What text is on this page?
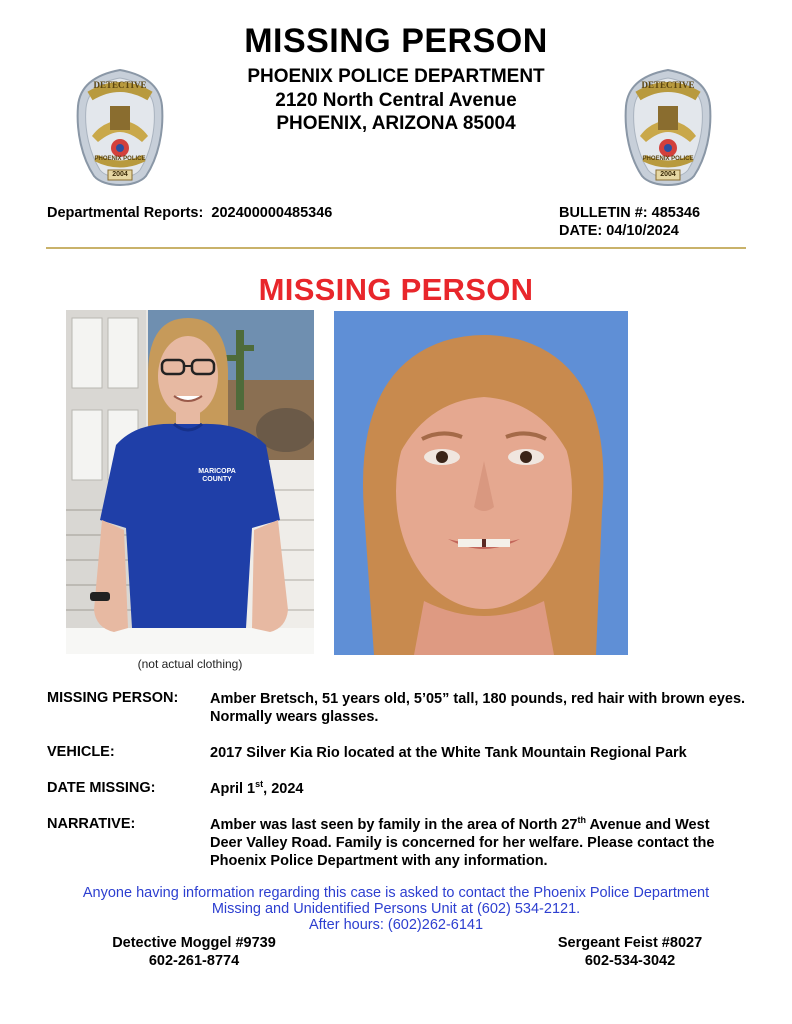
MISSING PERSON
PHOENIX POLICE DEPARTMENT
2120 North Central Avenue
PHOENIX, ARIZONA 85004
DETECTIVE
PHOENIX POLICE
2004
DETECTIVE
PHOENIX POLICE
2004
Departmental Reports: 202400000485346	BULLETIN #: 485346
DATE: 04/10/2024
MISSING PERSON
MARICOPA COUNTY
(not actual clothing)
MISSING PERSON: Amber Bretsch, 51 years old, 5’05” tall, 180 pounds, red hair with brown eyes. Normally wears glasses.
VEHICLE:	2017 Silver Kia Rio located at the White Tank Mountain Regional Park
DATE MISSING:	April 1st, 2024
NARRATIVE:	Amber was last seen by family in the area of North 27th Avenue and West Deer Valley Road. Family is concerned for her welfare. Please contact the Phoenix Police Department with any information.
Anyone having information regarding this case is asked to contact the Phoenix Police Department
Missing and Unidentified Persons Unit at (602) 534-2121.
After hours: (602)262-6141
Detective Moggel #9739
602-261-8774
Sergeant Feist #8027
602-534-3042
